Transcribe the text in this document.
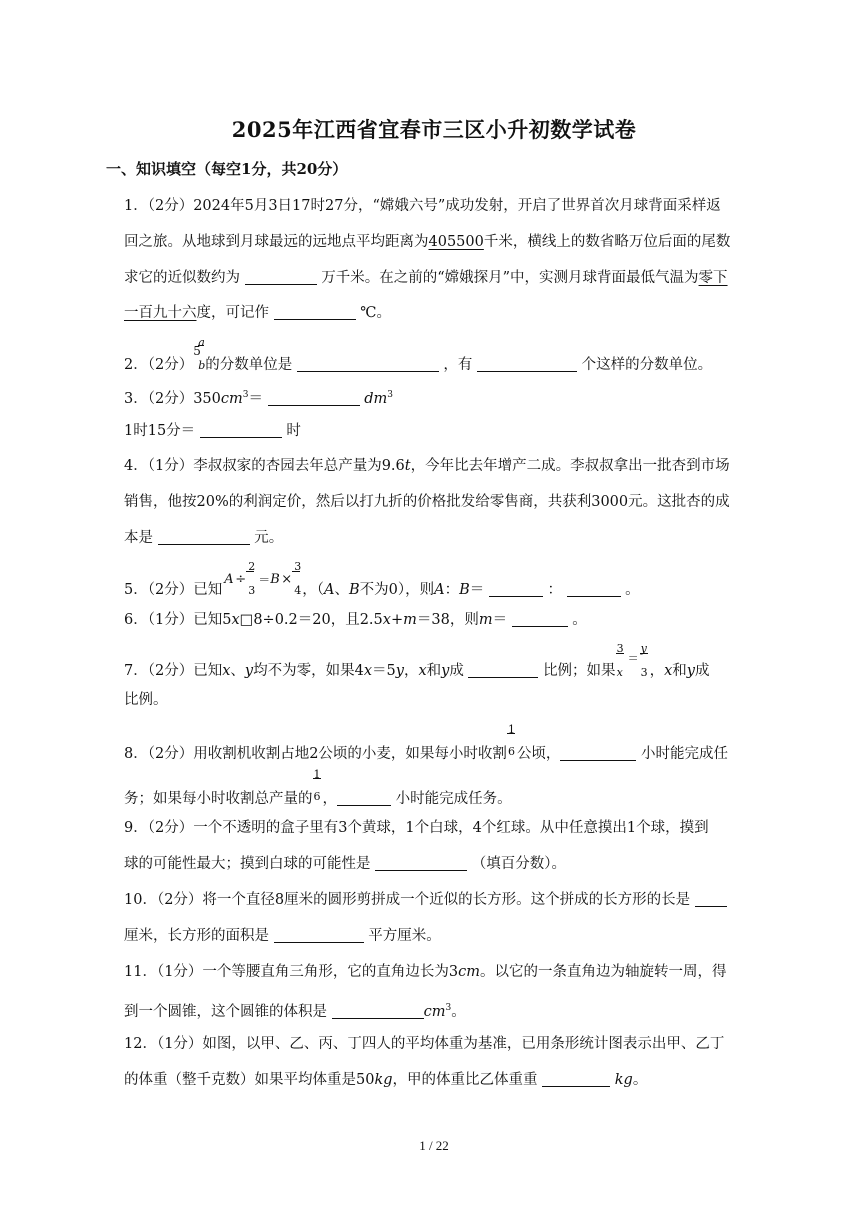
2025年江西省宜春市三区小升初数学试卷
一、知识填空（每空1分，共20分）
1．（2分）2024年5月3日17时27分，“嫦娥六号”成功发射，开启了世界首次月球背面采样返
回之旅。从地球到月球最远的远地点平均距离为405500千米，横线上的数省略万位后面的尾数
求它的近似数约为	万千米。在之前的“嫦娥探月”中，实测月球背面最低气温为零下
一百九十六度，可记作	℃。
2．（2分）
5
a
b 的分数单位是	，有	个这样的分数单位。
3．（2分）$350cm^3=$	$dm^3$
1时15分＝	时
4．（1分）李叔叔家的杏园去年总产量为9.6t，今年比去年增产二成。李叔叔拿出一批杏到市场
销售，他按20%的利润定价，然后以打九折的价格批发给零售商，共获利3000元。这批杏的成
本是	元。
5．（2分）已知
A ÷
2
3
＝ B ×
3
4 ，（A、B不为0），则A：B＝	：	。
6．（1分）已知5x□8÷0.2＝20，且2.5x+m＝38，则m＝	。
7．（2分）已知x、y均不为零，如果4x＝5y，x和y成	比例；如果
3
x
＝
y
3 ，x和y成
比例。
8．（2分）用收割机收割占地2公顷的小麦，如果每小时收割 $\frac{1}{6}$ 公顷，	小时能完成任
务；如果每小时收割总产量的 $\frac{1}{6}$ ，	小时能完成任务。
9．（2分）一个不透明的盒子里有3个黄球，1个白球，4个红球。从中任意摸出1个球，摸到
球的可能性最大；摸到白球的可能性是	（填百分数）。
10．（2分）将一个直径8厘米的圆形剪拼成一个近似的长方形。这个拼成的长方形的长是
厘米，长方形的面积是	平方厘米。
11．（1分）一个等腰直角三角形，它的直角边长为3cm。以它的一条直角边为轴旋转一周，得
到一个圆锥，这个圆锥的体积是	$cm^3$。
12．（1分）如图，以甲、乙、丙、丁四人的平均体重为基准，已用条形统计图表示出甲、乙丁
的体重（整千克数）如果平均体重是50kg，甲的体重比乙体重重	kg。
1 / 22
